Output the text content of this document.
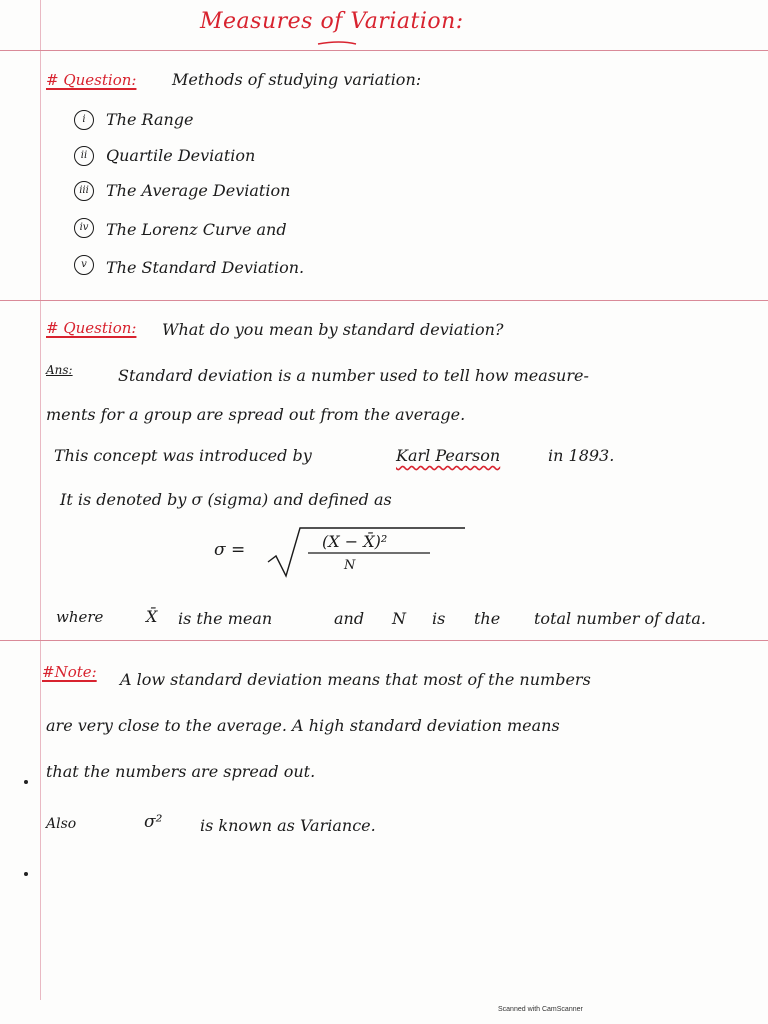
Measures of Variation:
# Question: Methods of studying variation:
i	The Range
ii	Quartile Deviation
iii	The Average Deviation
iv	The Lorenz Curve and
v	The Standard Deviation.
# Question: What do you mean by standard deviation?
Ans:	Standard deviation is a number used to tell how measure-
ments for a group are spread out from the average.
This concept was introduced by	Karl Pearson	in 1893.
It is denoted by σ (sigma) and defined as
σ =	(X − X̄)²
N
where	X̄ is the mean	and N is the total number of data.
#Note: A low standard deviation means that most of the numbers
are very close to the average. A high standard deviation means
that the numbers are spread out.
Also	σ² is known as Variance.
Scanned with CamScanner
